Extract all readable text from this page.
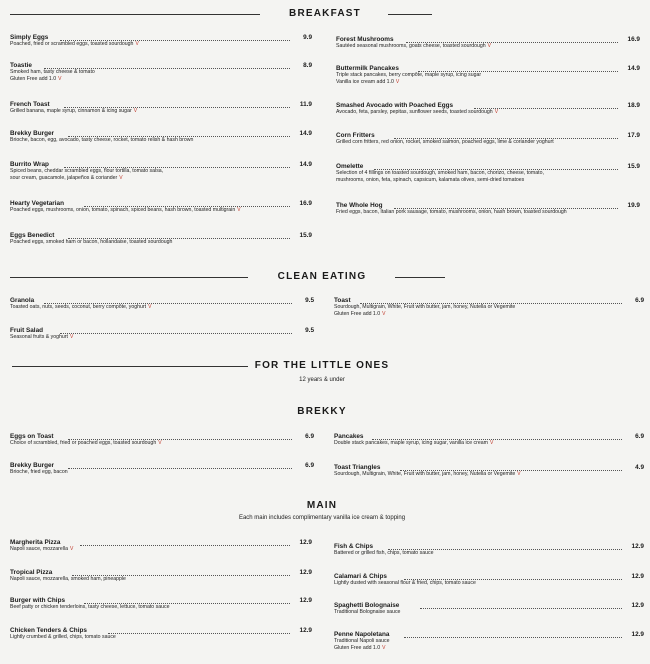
BREAKFAST
CLEAN EATING
FOR THE LITTLE ONES
12 years & under
BREKKY
MAIN
Each main includes complimentary vanilla ice cream & topping
Simply Eggs	9.9
Poached, fried or scrambled eggs, toasted sourdough V
Toastie	8.9
Smoked ham, tasty cheese & tomato
Gluten Free add 1.0 V
French Toast	11.9
Grilled banana, maple syrup, cinnamon & icing sugar V
Brekky Burger	14.9
Brioche, bacon, egg, avocado, tasty cheese, rocket, tomato relish & hash brown
Burrito Wrap	14.9
Spiced beans, cheddar scrambled eggs, flour tortilla, tomato salsa,
sour cream, guacamole, jalapeños & coriander V
Hearty Vegetarian	16.9
Poached eggs, mushrooms, onion, tomato, spinach, spiced beans, hash brown, toasted multigrain V
Eggs Benedict	15.9
Poached eggs, smoked ham or bacon, hollandaise, toasted sourdough
Forest Mushrooms	16.9
Sautéed seasonal mushrooms, goats cheese, toasted sourdough V
Buttermilk Pancakes	14.9
Triple stack pancakes, berry compôte, maple syrup, icing sugar
Vanilla ice cream add 1.0 V
Smashed Avocado with Poached Eggs	18.9
Avocado, feta, parsley, pepitas, sunflower seeds, toasted sourdough V
Corn Fritters	17.9
Grilled corn fritters, red onion, rocket, smoked salmon, poached eggs, lime & coriander yoghurt
Omelette	15.9
Selection of 4 fillings on toasted sourdough, smoked ham, bacon, chorizo, cheese, tomato,
mushrooms, onion, feta, spinach, capsicum, kalamata olives, semi-dried tomatoes
The Whole Hog	19.9
Fried eggs, bacon, Italian pork sausage, tomato, mushrooms, onion, hash brown, toasted sourdough
Granola	9.5
Toasted oats, nuts, seeds, coconut, berry compôte, yoghurt V
Fruit Salad	9.5
Seasonal fruits & yoghurt V
Toast	6.9
Sourdough, Multigrain, White, Fruit with butter, jam, honey, Nutella or Vegemite
Gluten Free add 1.0 V
Eggs on Toast	6.9
Choice of scrambled, fried or poached eggs, toasted sourdough V
Brekky Burger	6.9
Brioche, fried egg, bacon
Pancakes	6.9
Double stack pancakes, maple syrup, icing sugar, vanilla ice cream V
Toast Triangles	4.9
Sourdough, Multigrain, White, Fruit with butter, jam, honey, Nutella or Vegemite V
Margherita Pizza	12.9
Napoli sauce, mozzarella V
Tropical Pizza	12.9
Napoli sauce, mozzarella, smoked ham, pineapple
Burger with Chips	12.9
Beef patty or chicken tenderloins, tasty cheese, lettuce, tomato sauce
Chicken Tenders & Chips	12.9
Lightly crumbed & grilled, chips, tomato sauce
Fish & Chips	12.9
Battered or grilled fish, chips, tomato sauce
Calamari & Chips	12.9
Lightly dusted with seasonal flour & fried, chips, tomato sauce
Spaghetti Bolognaise	12.9
Traditional Bolognaise sauce
Penne Napoletana	12.9
Traditional Napoli sauce
Gluten Free add 1.0 V
